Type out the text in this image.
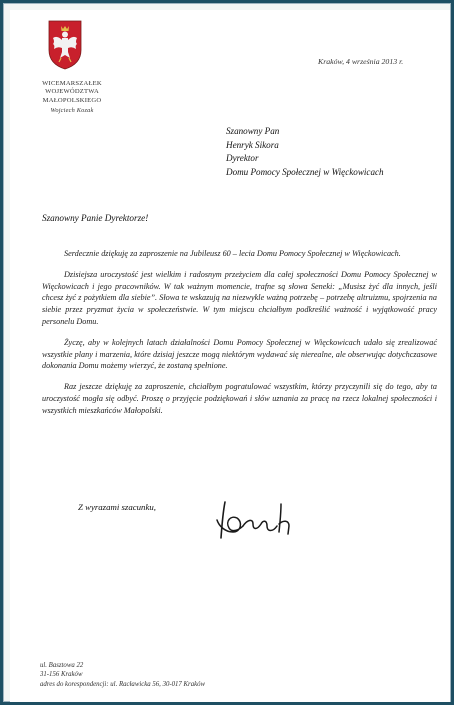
WICEMARSZAŁEK
WOJEWÓDZTWA
MAŁOPOLSKIEGO
Wojciech Kozak
Kraków, 4 września 2013 r.
Szanowny Pan
Henryk Sikora
Dyrektor
Domu Pomocy Społecznej w Więckowicach
Szanowny Panie Dyrektorze!

Serdecznie dziękuję za zaproszenie na Jubileusz 60 – lecia Domu Pomocy Społecznej w Więckowicach.

Dzisiejsza uroczystość jest wielkim i radosnym przeżyciem dla całej społeczności Domu Pomocy Społecznej w Więckowicach i jego pracowników. W tak ważnym momencie, trafne są słowa Seneki: „Musisz żyć dla innych, jeśli chcesz żyć z pożytkiem dla siebie”. Słowa te wskazują na niezwykle ważną potrzebę – potrzebę altruizmu, spojrzenia na siebie przez pryzmat życia w społeczeństwie. W tym miejscu chciałbym podkreślić ważność i wyjątkowość pracy personelu Domu.

Życzę, aby w kolejnych latach działalności Domu Pomocy Społecznej w Więckowicach udało się zrealizować wszystkie plany i marzenia, które dzisiaj jeszcze mogą niektórym wydawać się nierealne, ale obserwując dotychczasowe dokonania Domu możemy wierzyć, że zostaną spełnione.

Raz jeszcze dziękuję za zaproszenie, chciałbym pogratulować wszystkim, którzy przyczynili się do tego, aby ta uroczystość mogła się odbyć. Proszę o przyjęcie podziękowań i słów uznania za pracę na rzecz lokalnej społeczności i wszystkich mieszkańców Małopolski.

Z wyrazami szacunku,
ul. Basztowa 22
31-156 Kraków
adres do korespondencji: ul. Racławicka 56, 30-017 Kraków
